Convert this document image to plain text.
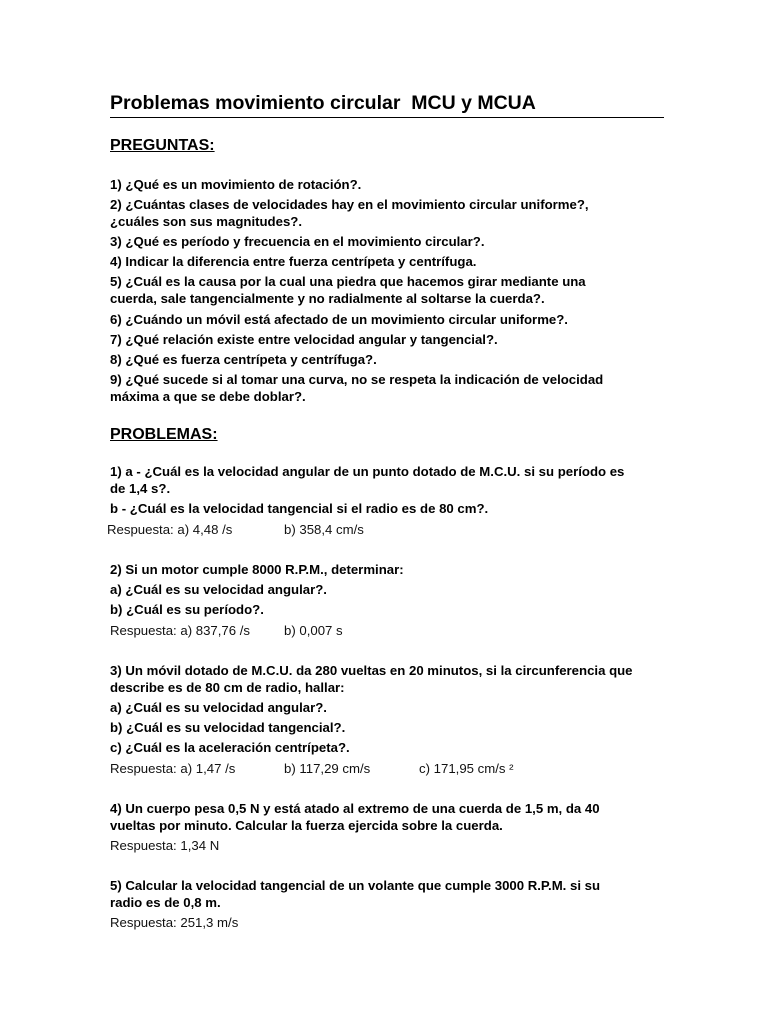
Problemas movimiento circular  MCU y MCUA
PREGUNTAS:
1) ¿Qué es un movimiento de rotación?.
2) ¿Cuántas clases de velocidades hay en el movimiento circular uniforme?,
¿cuáles son sus magnitudes?.
3) ¿Qué es período y frecuencia en el movimiento circular?.
4) Indicar la diferencia entre fuerza centrípeta y centrífuga.
5) ¿Cuál es la causa por la cual una piedra que hacemos girar mediante una
cuerda, sale tangencialmente y no radialmente al soltarse la cuerda?.
6) ¿Cuándo un móvil está afectado de un movimiento circular uniforme?.
7) ¿Qué relación existe entre velocidad angular y tangencial?.
8) ¿Qué es fuerza centrípeta y centrífuga?.
9) ¿Qué sucede si al tomar una curva, no se respeta la indicación de velocidad
máxima a que se debe doblar?.
PROBLEMAS:
1) a - ¿Cuál es la velocidad angular de un punto dotado de M.C.U. si su período es
de 1,4 s?.
b - ¿Cuál es la velocidad tangencial si el radio es de 80 cm?.
Respuesta: a) 4,48 /s	b) 358,4 cm/s
2) Si un motor cumple 8000 R.P.M., determinar:
a) ¿Cuál es su velocidad angular?.
b) ¿Cuál es su período?.
Respuesta: a) 837,76 /s	b) 0,007 s
3) Un móvil dotado de M.C.U. da 280 vueltas en 20 minutos, si la circunferencia que
describe es de 80 cm de radio, hallar:
a) ¿Cuál es su velocidad angular?.
b) ¿Cuál es su velocidad tangencial?.
c) ¿Cuál es la aceleración centrípeta?.
Respuesta: a) 1,47 /s	b) 117,29 cm/s	c) 171,95 cm/s ²
4) Un cuerpo pesa 0,5 N y está atado al extremo de una cuerda de 1,5 m, da 40
vueltas por minuto. Calcular la fuerza ejercida sobre la cuerda.
Respuesta: 1,34 N
5) Calcular la velocidad tangencial de un volante que cumple 3000 R.P.M. si su
radio es de 0,8 m.
Respuesta: 251,3 m/s
